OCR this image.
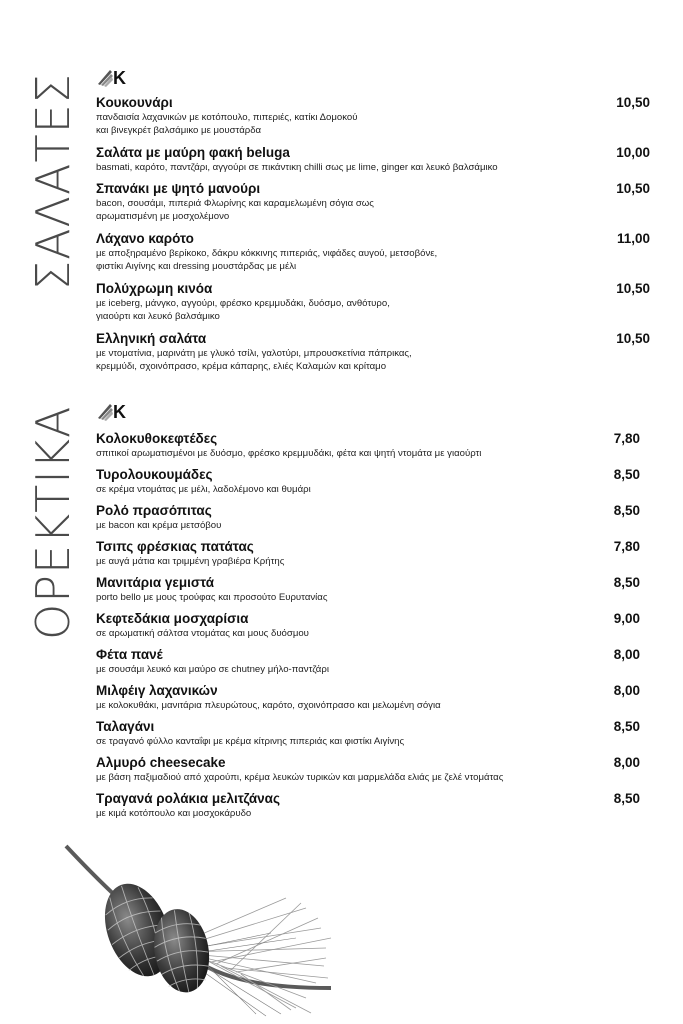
ΣΑΛΑΤΕΣ
ΟΡΕΚΤΙΚΑ
K
K
Κουκουνάρι
πανδαισία λαχανικών με κοτόπουλο, πιπεριές, κατίκι Δομοκού
και βινεγκρέτ βαλσάμικο με μουστάρδα
10,50
Σαλάτα με μαύρη φακή beluga
basmati, καρότο, παντζάρι, αγγούρι σε πικάντικη chilli σως με lime, ginger και λευκό βαλσάμικο
10,00
Σπανάκι με ψητό μανούρι
bacon, σουσάμι, πιπεριά Φλωρίνης και καραμελωμένη σόγια σως
αρωματισμένη με μοσχολέμονο
10,50
Λάχανο καρότο
με αποξηραμένο βερίκοκο, δάκρυ κόκκινης πιπεριάς, νιφάδες αυγού, μετσοβόνε,
φιστίκι Αιγίνης και dressing μουστάρδας με μέλι
11,00
Πολύχρωμη κινόα
με iceberg, μάνγκο, αγγούρι, φρέσκο κρεμμυδάκι, δυόσμο, ανθότυρο,
γιαούρτι και λευκό βαλσάμικο
10,50
Ελληνική σαλάτα
με ντοματίνια, μαρινάτη με γλυκό τσίλι, γαλοτύρι, μπρουσκετίνια πάπρικας,
κρεμμύδι, σχοινόπρασο, κρέμα κάπαρης, ελιές Καλαμών και κρίταμο
10,50
Κολοκυθοκεφτέδες
σπιτικοί αρωματισμένοι με δυόσμο, φρέσκο κρεμμυδάκι, φέτα και ψητή ντομάτα με γιαούρτι
7,80
Τυρολουκουμάδες
σε κρέμα ντομάτας με μέλι, λαδολέμονο και θυμάρι
8,50
Ρολό πρασόπιτας
με bacon και κρέμα μετσόβου
8,50
Τσιπς φρέσκιας πατάτας
με αυγά μάτια και τριμμένη γραβιέρα Κρήτης
7,80
Μανιτάρια γεμιστά
porto bello με μους τρούφας και προσούτο Ευρυτανίας
8,50
Κεφτεδάκια μοσχαρίσια
σε αρωματική σάλτσα ντομάτας και μους δυόσμου
9,00
Φέτα πανέ
με σουσάμι λευκό και μαύρο σε chutney μήλο-παντζάρι
8,00
Μιλφέιγ λαχανικών
με κολοκυθάκι, μανιτάρια πλευρώτους, καρότο, σχοινόπρασο και μελωμένη σόγια
8,00
Ταλαγάνι
σε τραγανό φύλλο κανταΐφι με κρέμα κίτρινης πιπεριάς και φιστίκι Αιγίνης
8,50
Αλμυρό cheesecake
με βάση παξιμαδιού από χαρούπι, κρέμα λευκών τυρικών και μαρμελάδα ελιάς με ζελέ ντομάτας
8,00
Τραγανά ρολάκια μελιτζάνας
με κιμά κοτόπουλο και μοσχοκάρυδο
8,50
